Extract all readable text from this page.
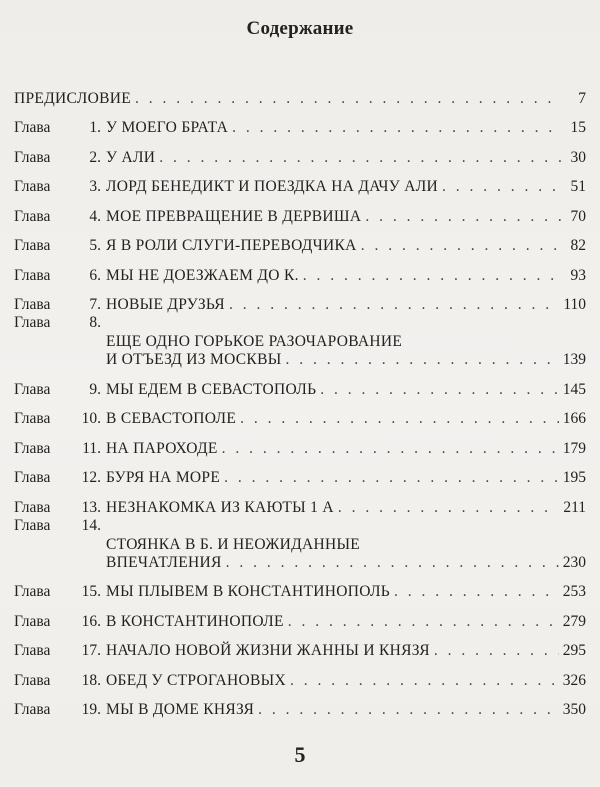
Содержание
ПРЕДИСЛОВИЕ . . .	7
Глава	1. У МОЕГО БРАТА . . .	15
Глава	2. У АЛИ . . .	30
Глава	3. ЛОРД БЕНЕДИКТ И ПОЕЗДКА НА ДАЧУ АЛИ . . .	51
Глава	4. МОЕ ПРЕВРАЩЕНИЕ В ДЕРВИША . . .	70
Глава	5. Я В РОЛИ СЛУГИ-ПЕРЕВОДЧИКА . . .	82
Глава	6. МЫ НЕ ДОЕЗЖАЕМ ДО К. . . .	93
Глава	7. НОВЫЕ ДРУЗЬЯ . . .	110
Глава	8.
ЕЩЕ ОДНО ГОРЬКОЕ РАЗОЧАРОВАНИЕ
И ОТЪЕЗД ИЗ МОСКВЫ . . .	139
Глава	9. МЫ ЕДЕМ В СЕВАСТОПОЛЬ . . .	145
Глава	10. В СЕВАСТОПОЛЕ . . .	166
Глава	11. НА ПАРОХОДЕ . . .	179
Глава	12. БУРЯ НА МОРЕ . . .	195
Глава	13. НЕЗНАКОМКА ИЗ КАЮТЫ 1 А . . .	211
Глава	14.
СТОЯНКА В Б. И НЕОЖИДАННЫЕ
ВПЕЧАТЛЕНИЯ . . .	230
Глава	15. МЫ ПЛЫВЕМ В КОНСТАНТИНОПОЛЬ . . .	253
Глава	16. В КОНСТАНТИНОПОЛЕ . . .	279
Глава	17. НАЧАЛО НОВОЙ ЖИЗНИ ЖАННЫ И КНЯЗЯ . . .	295
Глава	18. ОБЕД У СТРОГАНОВЫХ . . .	326
Глава	19. МЫ В ДОМЕ КНЯЗЯ . . .	350
5
